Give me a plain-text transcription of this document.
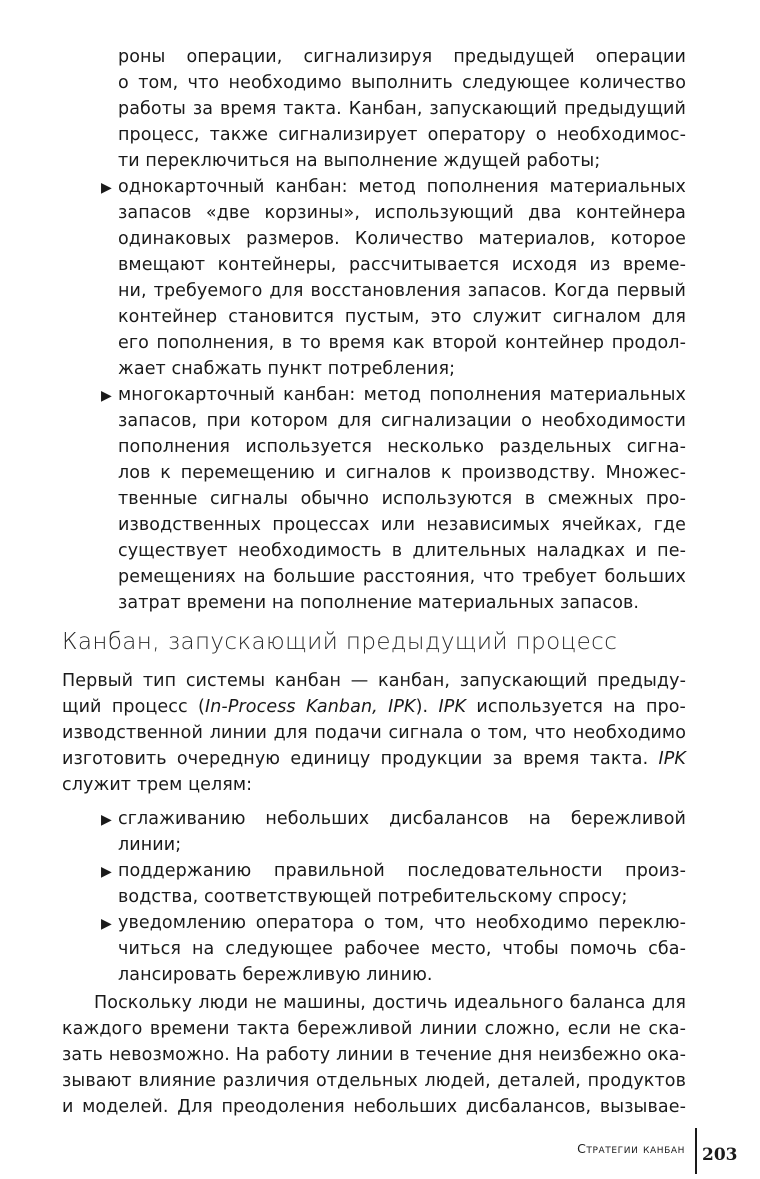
роны операции, сигнализируя предыдущей операции
о том, что необходимо выполнить следующее количество
работы за время такта. Канбан, запускающий предыдущий
процесс, также сигнализирует оператору о необходимос-
ти переключиться на выполнение ждущей работы;
▶ однокарточный канбан: метод пополнения материальных
запасов «две корзины», использующий два контейнера
одинаковых размеров. Количество материалов, которое
вмещают контейнеры, рассчитывается исходя из време-
ни, требуемого для восстановления запасов. Когда первый
контейнер становится пустым, это служит сигналом для
его пополнения, в то время как второй контейнер продол-
жает снабжать пункт потребления;
▶ многокарточный канбан: метод пополнения материальных
запасов, при котором для сигнализации о необходимости
пополнения используется несколько раздельных сигна-
лов к перемещению и сигналов к производству. Множес-
твенные сигналы обычно используются в смежных про-
изводственных процессах или независимых ячейках, где
существует необходимость в длительных наладках и пе-
ремещениях на большие расстояния, что требует больших
затрат времени на пополнение материальных запасов.
Канбан, запускающий предыдущий процесс
Первый тип системы канбан — канбан, запускающий предыду-
щий процесс (In-Process Kanban, IPK). IPK используется на про-
изводственной линии для подачи сигнала о том, что необходимо
изготовить очередную единицу продукции за время такта. IPK
служит трем целям:
▶ сглаживанию небольших дисбалансов на бережливой
линии;
▶ поддержанию правильной последовательности произ-
водства, соответствующей потребительскому спросу;
▶ уведомлению оператора о том, что необходимо переклю-
читься на следующее рабочее место, чтобы помочь сба-
лансировать бережливую линию.
Поскольку люди не машины, достичь идеального баланса для
каждого времени такта бережливой линии сложно, если не ска-
зать невозможно. На работу линии в течение дня неизбежно ока-
зывают влияние различия отдельных людей, деталей, продуктов
и моделей. Для преодоления небольших дисбалансов, вызывае-
Стратегии канбан 203
